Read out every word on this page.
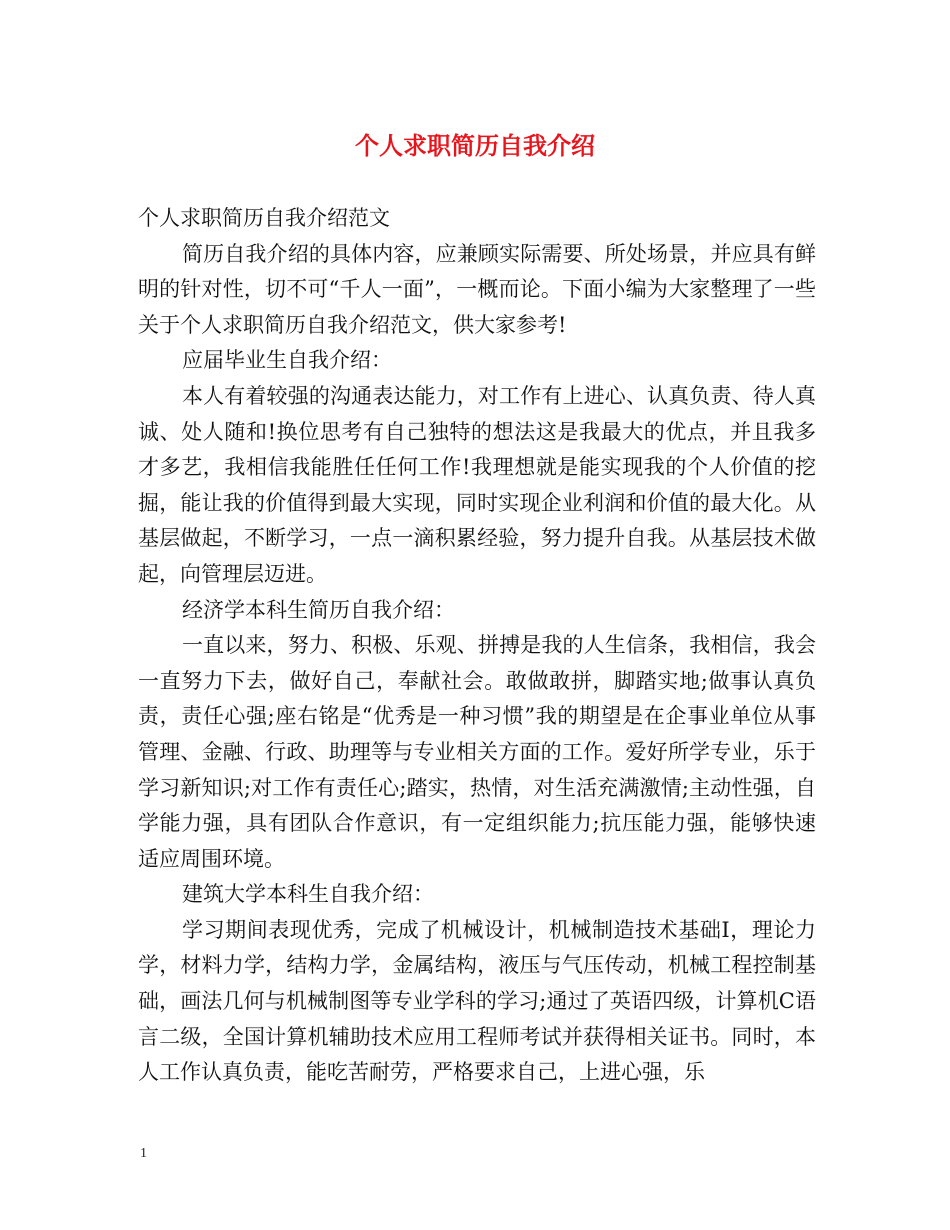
个人求职简历自我介绍

个人求职简历自我介绍范文

简历自我介绍的具体内容，应兼顾实际需要、所处场景，并应具有鲜明的针对性，切不可“千人一面”，一概而论。下面小编为大家整理了一些关于个人求职简历自我介绍范文，供大家参考!

应届毕业生自我介绍：

本人有着较强的沟通表达能力，对工作有上进心、认真负责、待人真诚、处人随和!换位思考有自己独特的想法这是我最大的优点，并且我多才多艺，我相信我能胜任任何工作!我理想就是能实现我的个人价值的挖掘，能让我的价值得到最大实现，同时实现企业利润和价值的最大化。从基层做起，不断学习，一点一滴积累经验，努力提升自我。从基层技术做起，向管理层迈进。

经济学本科生简历自我介绍：

一直以来，努力、积极、乐观、拼搏是我的人生信条，我相信，我会一直努力下去，做好自己，奉献社会。敢做敢拼，脚踏实地;做事认真负责，责任心强;座右铭是“优秀是一种习惯”我的期望是在企事业单位从事管理、金融、行政、助理等与专业相关方面的工作。爱好所学专业，乐于学习新知识;对工作有责任心;踏实，热情，对生活充满激情;主动性强，自学能力强，具有团队合作意识，有一定组织能力;抗压能力强，能够快速适应周围环境。

建筑大学本科生自我介绍：

学习期间表现优秀，完成了机械设计，机械制造技术基础Ⅰ，理论力学，材料力学，结构力学，金属结构，液压与气压传动，机械工程控制基础，画法几何与机械制图等专业学科的学习;通过了英语四级，计算机C语言二级，全国计算机辅助技术应用工程师考试并获得相关证书。同时，本人工作认真负责，能吃苦耐劳，严格要求自己，上进心强，乐

1
